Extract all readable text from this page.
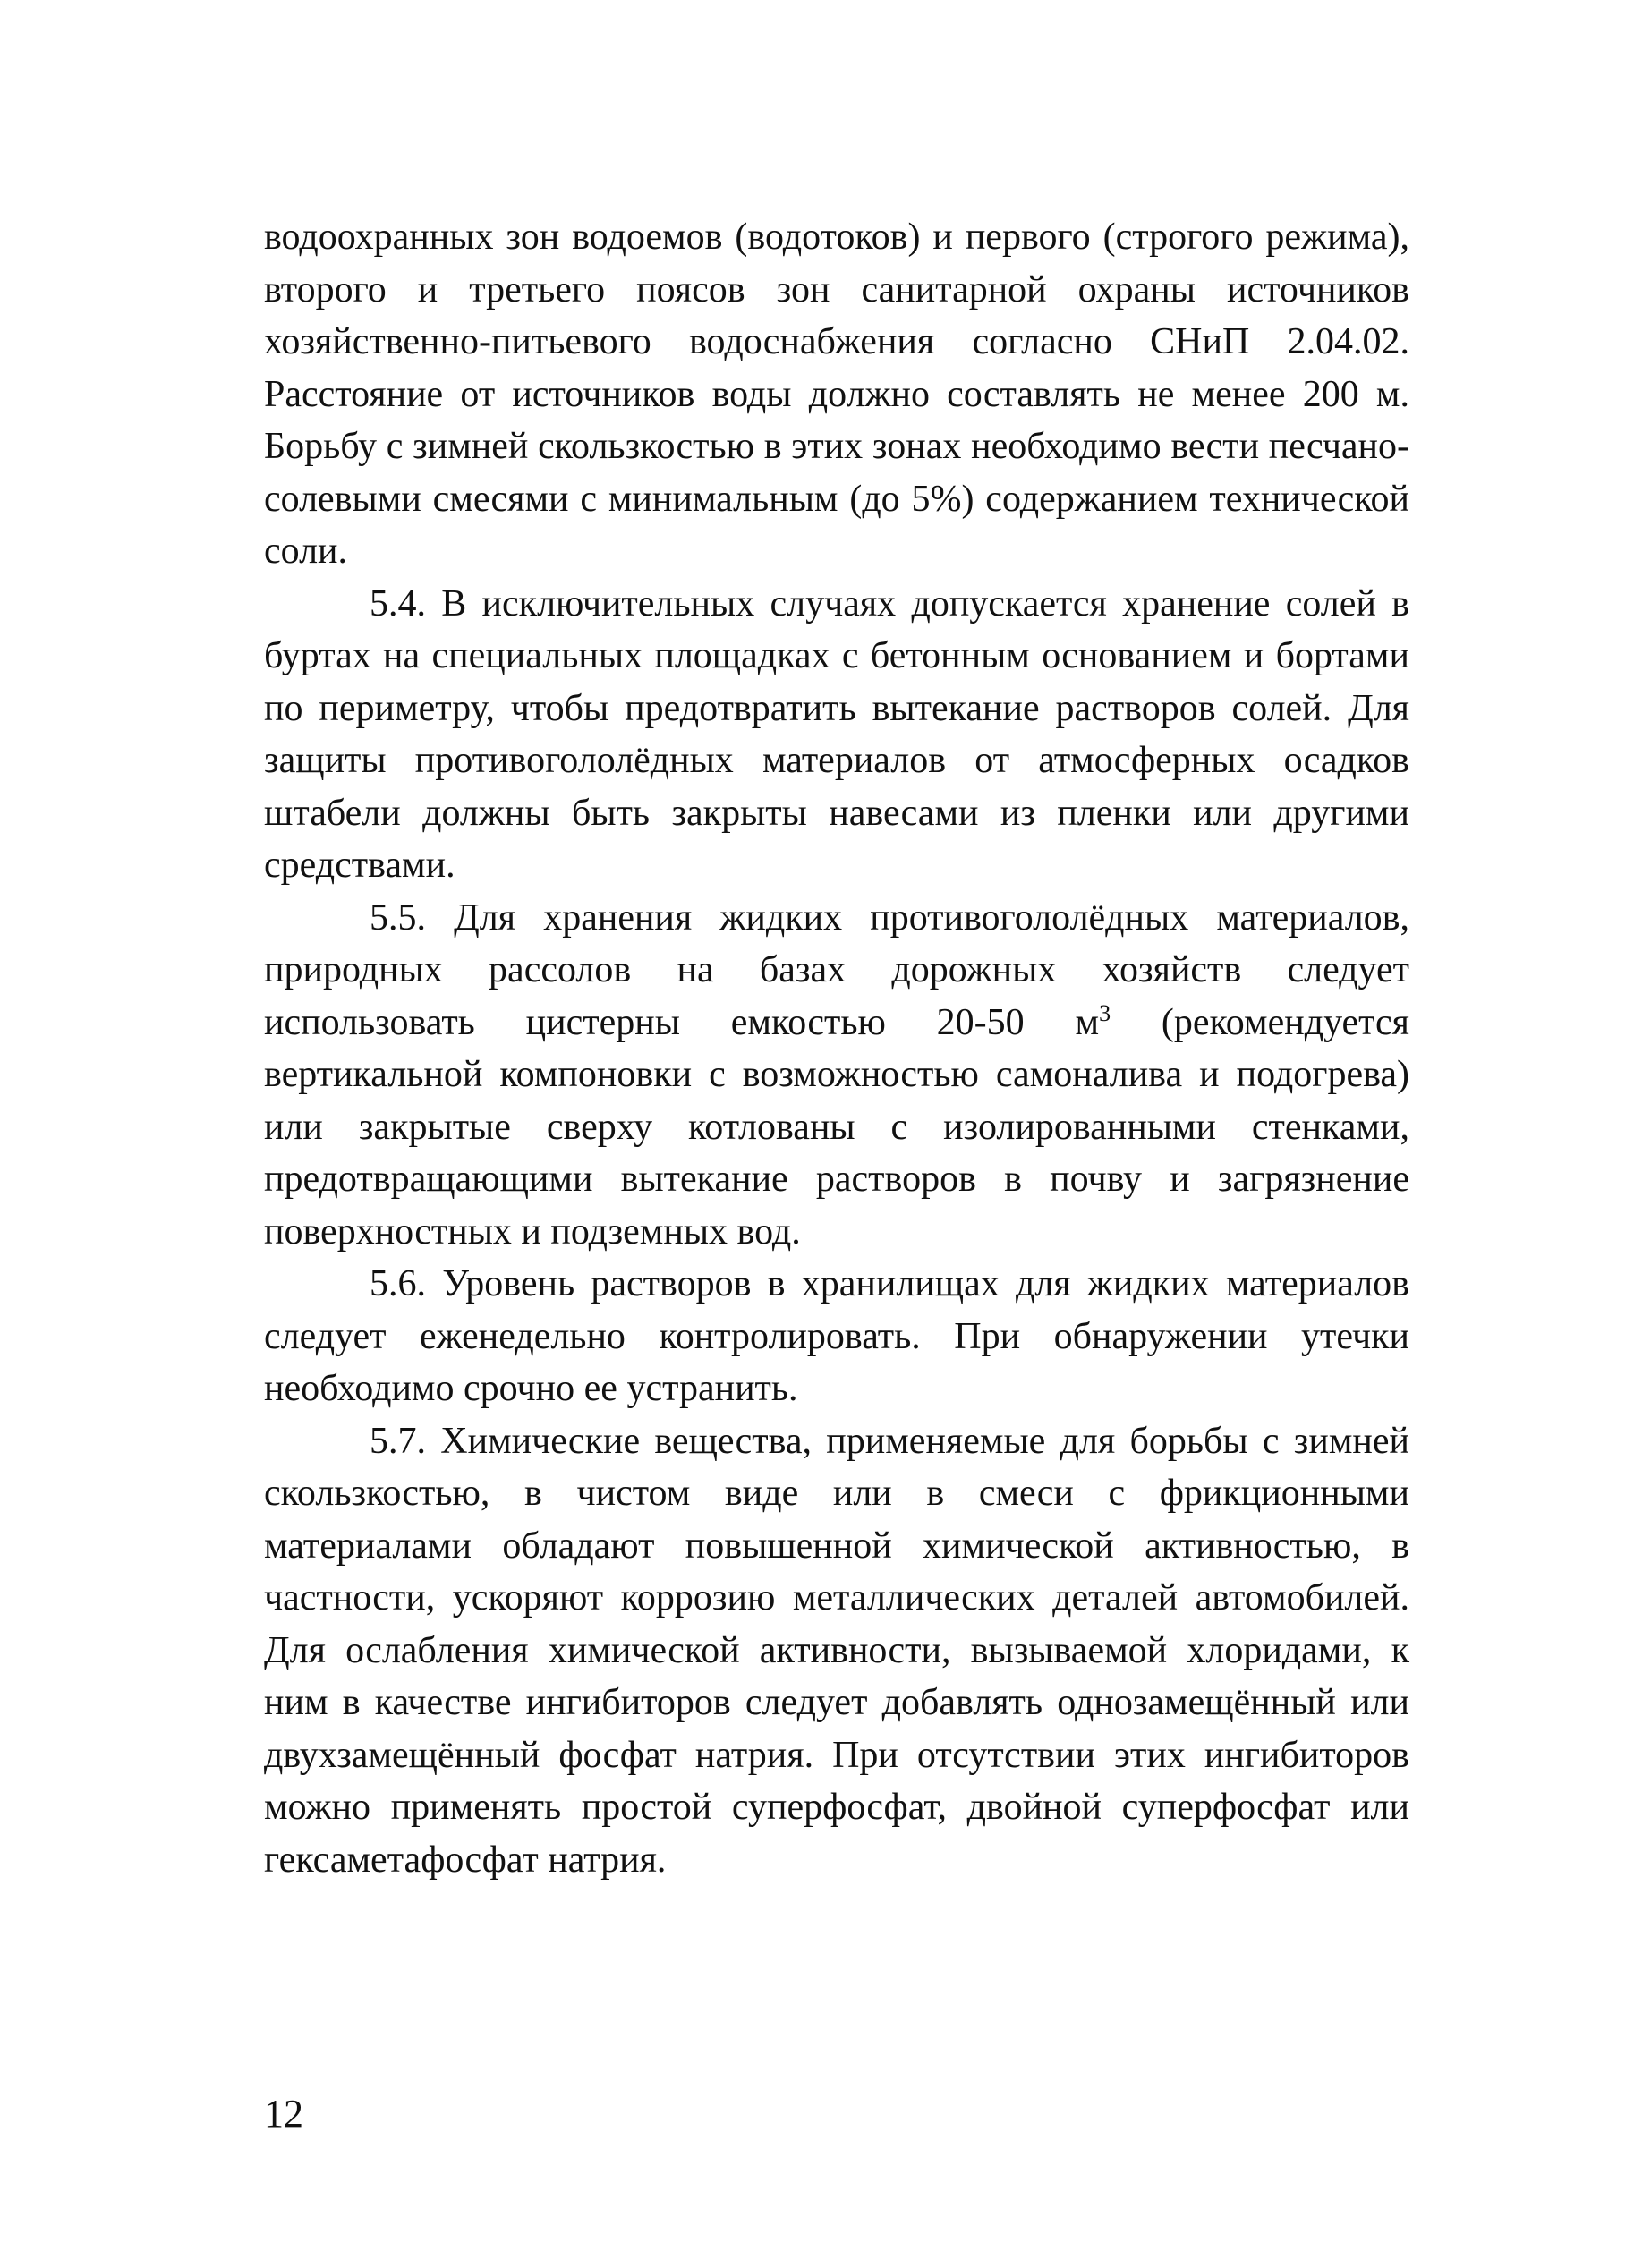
водоохранных зон водоемов (водотоков) и первого (строгого режима), второго и третьего поясов зон санитарной охраны источников хозяйственно-питьевого водоснабжения согласно СНиП 2.04.02. Расстояние от источников воды должно составлять не менее 200 м. Борьбу с зимней скользкостью в этих зонах необходимо вести песчано-солевыми смесями с минимальным (до 5%) содержанием технической соли.

5.4. В исключительных случаях допускается хранение солей в буртах на специальных площадках с бетонным основанием и бортами по периметру, чтобы предотвратить вытекание растворов солей. Для защиты противогололёдных материалов от атмосферных осадков штабели должны быть закрыты навесами из пленки или другими средствами.

5.5. Для хранения жидких противогололёдных материалов, природных рассолов на базах дорожных хозяйств следует использовать цистерны емкостью 20-50 $м^3$ (рекомендуется вертикальной компоновки с возможностью самоналива и подогрева) или закрытые сверху котлованы с изолированными стенками, предотвращающими вытекание растворов в почву и загрязнение поверхностных и подземных вод.

5.6. Уровень растворов в хранилищах для жидких материалов следует еженедельно контролировать. При обнаружении утечки необходимо срочно ее устранить.

5.7. Химические вещества, применяемые для борьбы с зимней скользкостью, в чистом виде или в смеси с фрикционными материалами обладают повышенной химической активностью, в частности, ускоряют коррозию металлических деталей автомобилей. Для ослабления химической активности, вызываемой хлоридами, к ним в качестве ингибиторов следует добавлять однозамещённый или двухзамещённый фосфат натрия. При отсутствии этих ингибиторов можно применять простой суперфосфат, двойной суперфосфат или гексаметафосфат натрия.

12
